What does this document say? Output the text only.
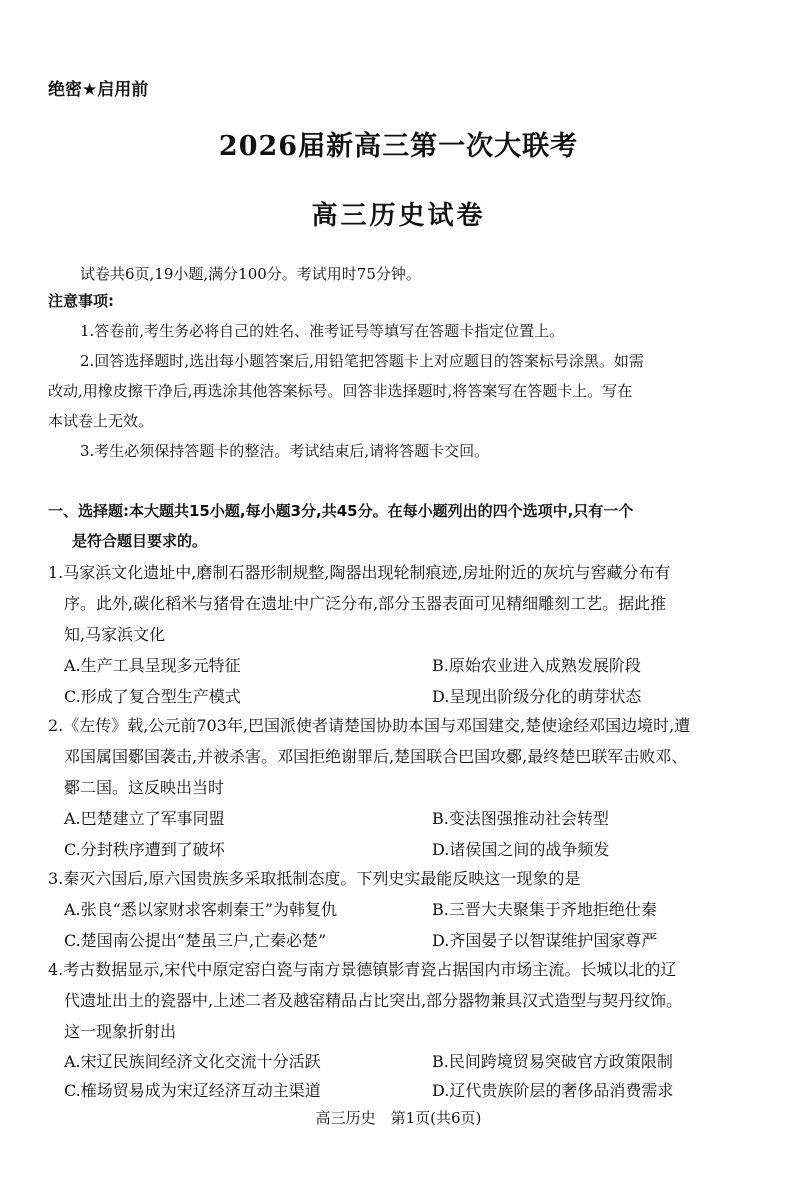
绝密★启用前
2026届新高三第一次大联考
高三历史试卷
试卷共6页,19小题,满分100分。考试用时75分钟。
注意事项:
1.答卷前,考生务必将自己的姓名、准考证号等填写在答题卡指定位置上。
2.回答选择题时,选出每小题答案后,用铅笔把答题卡上对应题目的答案标号涂黑。如需
改动,用橡皮擦干净后,再选涂其他答案标号。回答非选择题时,将答案写在答题卡上。写在
本试卷上无效。
3.考生必须保持答题卡的整洁。考试结束后,请将答题卡交回。
一、选择题:本大题共15小题,每小题3分,共45分。在每小题列出的四个选项中,只有一个
是符合题目要求的。
1.马家浜文化遗址中,磨制石器形制规整,陶器出现轮制痕迹,房址附近的灰坑与窖藏分布有
序。此外,碳化稻米与猪骨在遗址中广泛分布,部分玉器表面可见精细雕刻工艺。据此推
知,马家浜文化
A.生产工具呈现多元特征	B.原始农业进入成熟发展阶段
C.形成了复合型生产模式	D.呈现出阶级分化的萌芽状态
2.《左传》载,公元前703年,巴国派使者请楚国协助本国与邓国建交,楚使途经邓国边境时,遭
邓国属国鄾国袭击,并被杀害。邓国拒绝谢罪后,楚国联合巴国攻鄾,最终楚巴联军击败邓、
鄾二国。这反映出当时
A.巴楚建立了军事同盟	B.变法图强推动社会转型
C.分封秩序遭到了破坏	D.诸侯国之间的战争频发
3.秦灭六国后,原六国贵族多采取抵制态度。下列史实最能反映这一现象的是
A.张良“悉以家财求客刺秦王”为韩复仇	B.三晋大夫聚集于齐地拒绝仕秦
C.楚国南公提出“楚虽三户,亡秦必楚”	D.齐国晏子以智谋维护国家尊严
4.考古数据显示,宋代中原定窑白瓷与南方景德镇影青瓷占据国内市场主流。长城以北的辽
代遗址出土的瓷器中,上述二者及越窑精品占比突出,部分器物兼具汉式造型与契丹纹饰。
这一现象折射出
A.宋辽民族间经济文化交流十分活跃	B.民间跨境贸易突破官方政策限制
C.榷场贸易成为宋辽经济互动主渠道	D.辽代贵族阶层的奢侈品消费需求
高三历史　第1页(共6页)
